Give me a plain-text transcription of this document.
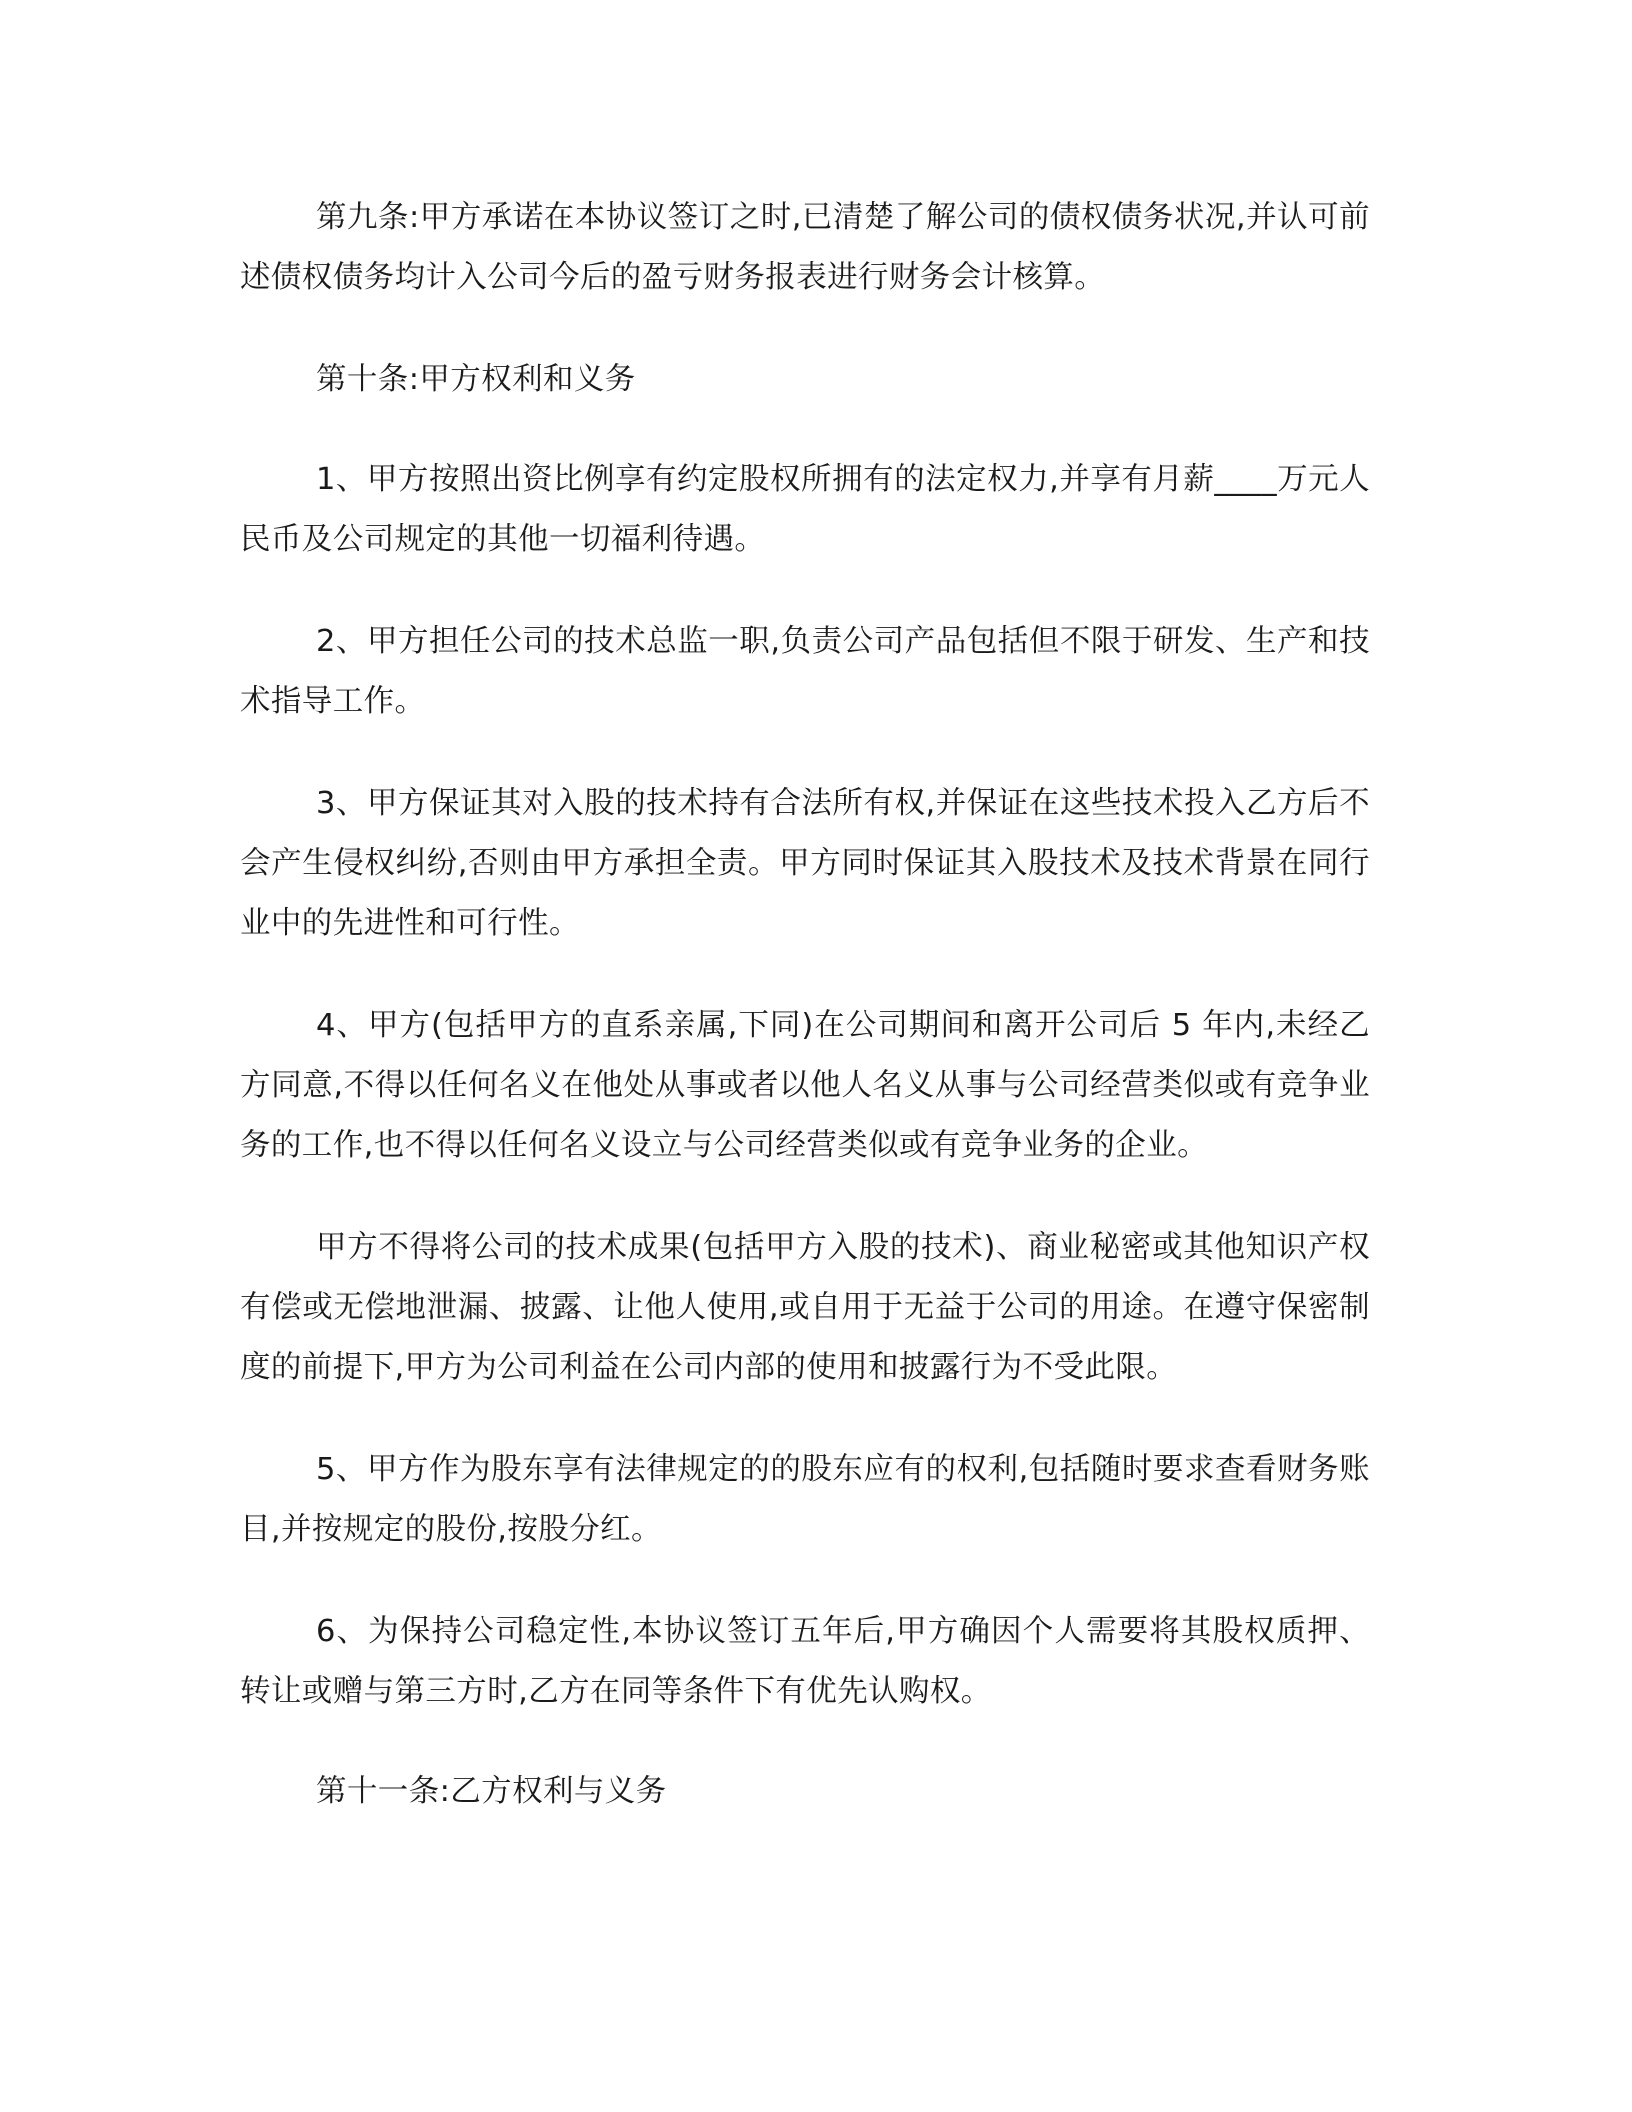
第九条:甲方承诺在本协议签订之时,已清楚了解公司的债权债务状况,并认可前述债权债务均计入公司今后的盈亏财务报表进行财务会计核算。

第十条:甲方权利和义务

1、甲方按照出资比例享有约定股权所拥有的法定权力,并享有月薪____万元人民币及公司规定的其他一切福利待遇。

2、甲方担任公司的技术总监一职,负责公司产品包括但不限于研发、生产和技术指导工作。

3、甲方保证其对入股的技术持有合法所有权,并保证在这些技术投入乙方后不会产生侵权纠纷,否则由甲方承担全责。甲方同时保证其入股技术及技术背景在同行业中的先进性和可行性。

4、甲方(包括甲方的直系亲属,下同)在公司期间和离开公司后 5 年内,未经乙方同意,不得以任何名义在他处从事或者以他人名义从事与公司经营类似或有竞争业务的工作,也不得以任何名义设立与公司经营类似或有竞争业务的企业。

甲方不得将公司的技术成果(包括甲方入股的技术)、商业秘密或其他知识产权有偿或无偿地泄漏、披露、让他人使用,或自用于无益于公司的用途。在遵守保密制度的前提下,甲方为公司利益在公司内部的使用和披露行为不受此限。

5、甲方作为股东享有法律规定的的股东应有的权利,包括随时要求查看财务账目,并按规定的股份,按股分红。

6、为保持公司稳定性,本协议签订五年后,甲方确因个人需要将其股权质押、转让或赠与第三方时,乙方在同等条件下有优先认购权。

第十一条:乙方权利与义务
